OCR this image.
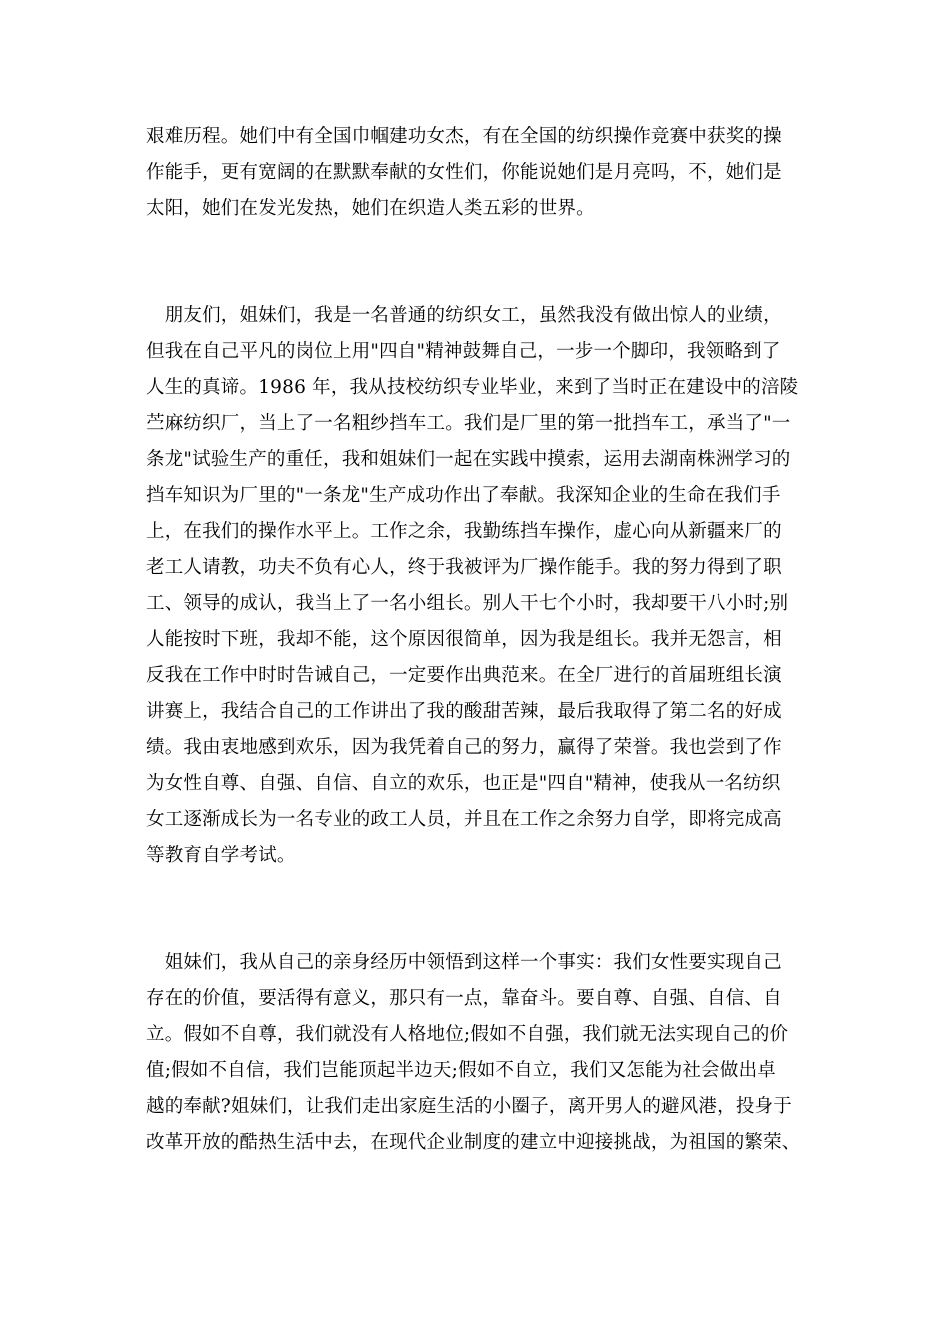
艰难历程。她们中有全国巾帼建功女杰，有在全国的纺织操作竞赛中获奖的操
作能手，更有宽阔的在默默奉献的女性们，你能说她们是月亮吗，不，她们是
太阳，她们在发光发热，她们在织造人类五彩的世界。
　朋友们，姐妹们，我是一名普通的纺织女工，虽然我没有做出惊人的业绩，
但我在自己平凡的岗位上用"四自"精神鼓舞自己，一步一个脚印，我领略到了
人生的真谛。1986 年，我从技校纺织专业毕业，来到了当时正在建设中的涪陵
苎麻纺织厂，当上了一名粗纱挡车工。我们是厂里的第一批挡车工，承当了"一
条龙"试验生产的重任，我和姐妹们一起在实践中摸索，运用去湖南株洲学习的
挡车知识为厂里的"一条龙"生产成功作出了奉献。我深知企业的生命在我们手
上，在我们的操作水平上。工作之余，我勤练挡车操作，虚心向从新疆来厂的
老工人请教，功夫不负有心人，终于我被评为厂操作能手。我的努力得到了职
工、领导的成认，我当上了一名小组长。别人干七个小时，我却要干八小时;别
人能按时下班，我却不能，这个原因很简单，因为我是组长。我并无怨言，相
反我在工作中时时告诫自己，一定要作出典范来。在全厂进行的首届班组长演
讲赛上，我结合自己的工作讲出了我的酸甜苦辣，最后我取得了第二名的好成
绩。我由衷地感到欢乐，因为我凭着自己的努力，赢得了荣誉。我也尝到了作
为女性自尊、自强、自信、自立的欢乐，也正是"四自"精神，使我从一名纺织
女工逐渐成长为一名专业的政工人员，并且在工作之余努力自学，即将完成高
等教育自学考试。
　姐妹们，我从自己的亲身经历中领悟到这样一个事实：我们女性要实现自己
存在的价值，要活得有意义，那只有一点，靠奋斗。要自尊、自强、自信、自
立。假如不自尊，我们就没有人格地位;假如不自强，我们就无法实现自己的价
值;假如不自信，我们岂能顶起半边天;假如不自立，我们又怎能为社会做出卓
越的奉献?姐妹们，让我们走出家庭生活的小圈子，离开男人的避风港，投身于
改革开放的酷热生活中去，在现代企业制度的建立中迎接挑战，为祖国的繁荣、
